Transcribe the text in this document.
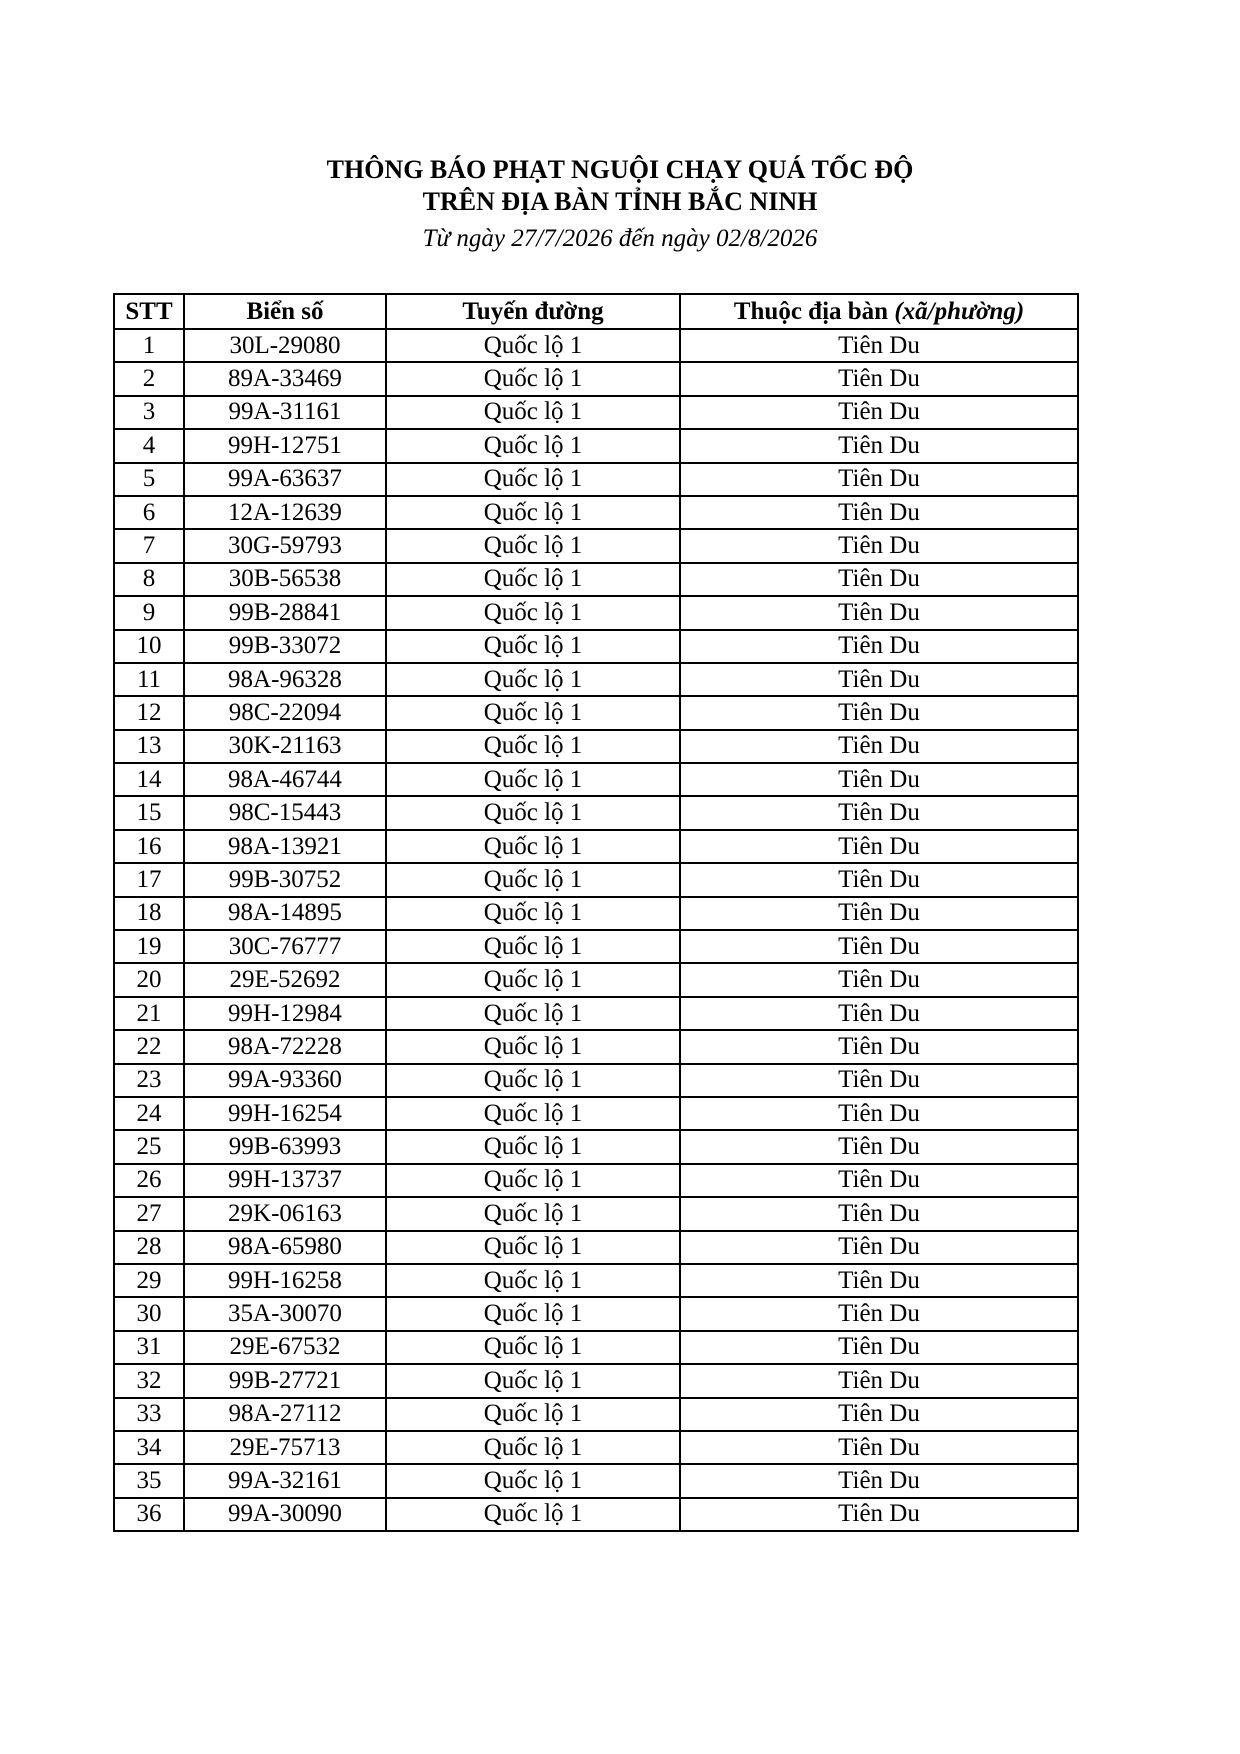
THÔNG BÁO PHẠT NGUỘI CHẠY QUÁ TỐC ĐỘ
TRÊN ĐỊA BÀN TỈNH BẮC NINH
Từ ngày 27/7/2026 đến ngày 02/8/2026
STT	Biển số	Tuyến đường	Thuộc địa bàn (xã/phường)
1	30L-29080	Quốc lộ 1	Tiên Du
2	89A-33469	Quốc lộ 1	Tiên Du
3	99A-31161	Quốc lộ 1	Tiên Du
4	99H-12751	Quốc lộ 1	Tiên Du
5	99A-63637	Quốc lộ 1	Tiên Du
6	12A-12639	Quốc lộ 1	Tiên Du
7	30G-59793	Quốc lộ 1	Tiên Du
8	30B-56538	Quốc lộ 1	Tiên Du
9	99B-28841	Quốc lộ 1	Tiên Du
10	99B-33072	Quốc lộ 1	Tiên Du
11	98A-96328	Quốc lộ 1	Tiên Du
12	98C-22094	Quốc lộ 1	Tiên Du
13	30K-21163	Quốc lộ 1	Tiên Du
14	98A-46744	Quốc lộ 1	Tiên Du
15	98C-15443	Quốc lộ 1	Tiên Du
16	98A-13921	Quốc lộ 1	Tiên Du
17	99B-30752	Quốc lộ 1	Tiên Du
18	98A-14895	Quốc lộ 1	Tiên Du
19	30C-76777	Quốc lộ 1	Tiên Du
20	29E-52692	Quốc lộ 1	Tiên Du
21	99H-12984	Quốc lộ 1	Tiên Du
22	98A-72228	Quốc lộ 1	Tiên Du
23	99A-93360	Quốc lộ 1	Tiên Du
24	99H-16254	Quốc lộ 1	Tiên Du
25	99B-63993	Quốc lộ 1	Tiên Du
26	99H-13737	Quốc lộ 1	Tiên Du
27	29K-06163	Quốc lộ 1	Tiên Du
28	98A-65980	Quốc lộ 1	Tiên Du
29	99H-16258	Quốc lộ 1	Tiên Du
30	35A-30070	Quốc lộ 1	Tiên Du
31	29E-67532	Quốc lộ 1	Tiên Du
32	99B-27721	Quốc lộ 1	Tiên Du
33	98A-27112	Quốc lộ 1	Tiên Du
34	29E-75713	Quốc lộ 1	Tiên Du
35	99A-32161	Quốc lộ 1	Tiên Du
36	99A-30090	Quốc lộ 1	Tiên Du
